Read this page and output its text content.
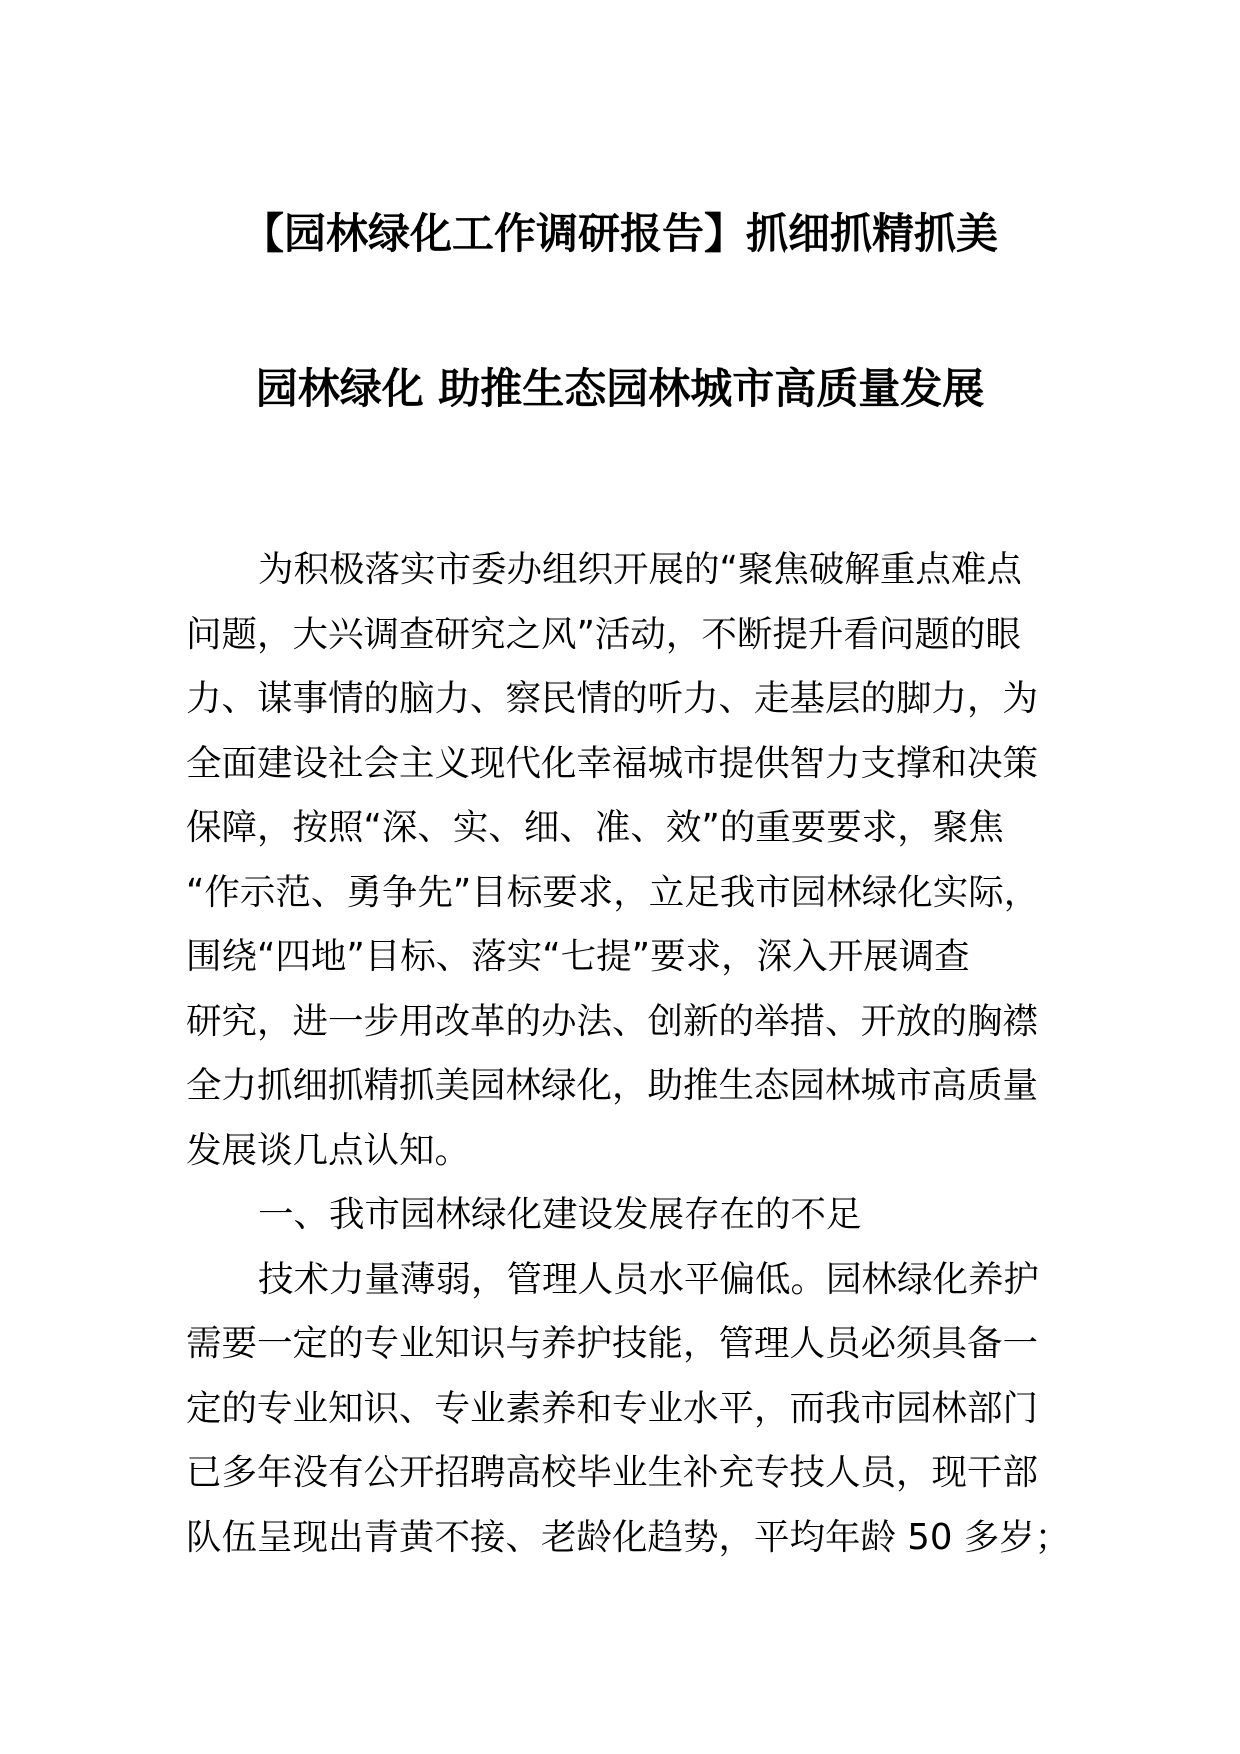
【园林绿化工作调研报告】抓细抓精抓美
园林绿化 助推生态园林城市高质量发展
为积极落实市委办组织开展的“聚焦破解重点难点
问题，大兴调查研究之风”活动，不断提升看问题的眼
力、谋事情的脑力、察民情的听力、走基层的脚力，为
全面建设社会主义现代化幸福城市提供智力支撑和决策
保障，按照“深、实、细、准、效”的重要要求，聚焦
“作示范、勇争先”目标要求，立足我市园林绿化实际，
围绕“四地”目标、落实“七提”要求，深入开展调查
研究，进一步用改革的办法、创新的举措、开放的胸襟
全力抓细抓精抓美园林绿化，助推生态园林城市高质量
发展谈几点认知。
一、我市园林绿化建设发展存在的不足
技术力量薄弱，管理人员水平偏低。园林绿化养护
需要一定的专业知识与养护技能，管理人员必须具备一
定的专业知识、专业素养和专业水平，而我市园林部门
已多年没有公开招聘高校毕业生补充专技人员，现干部
队伍呈现出青黄不接、老龄化趋势，平均年龄 50 多岁；
